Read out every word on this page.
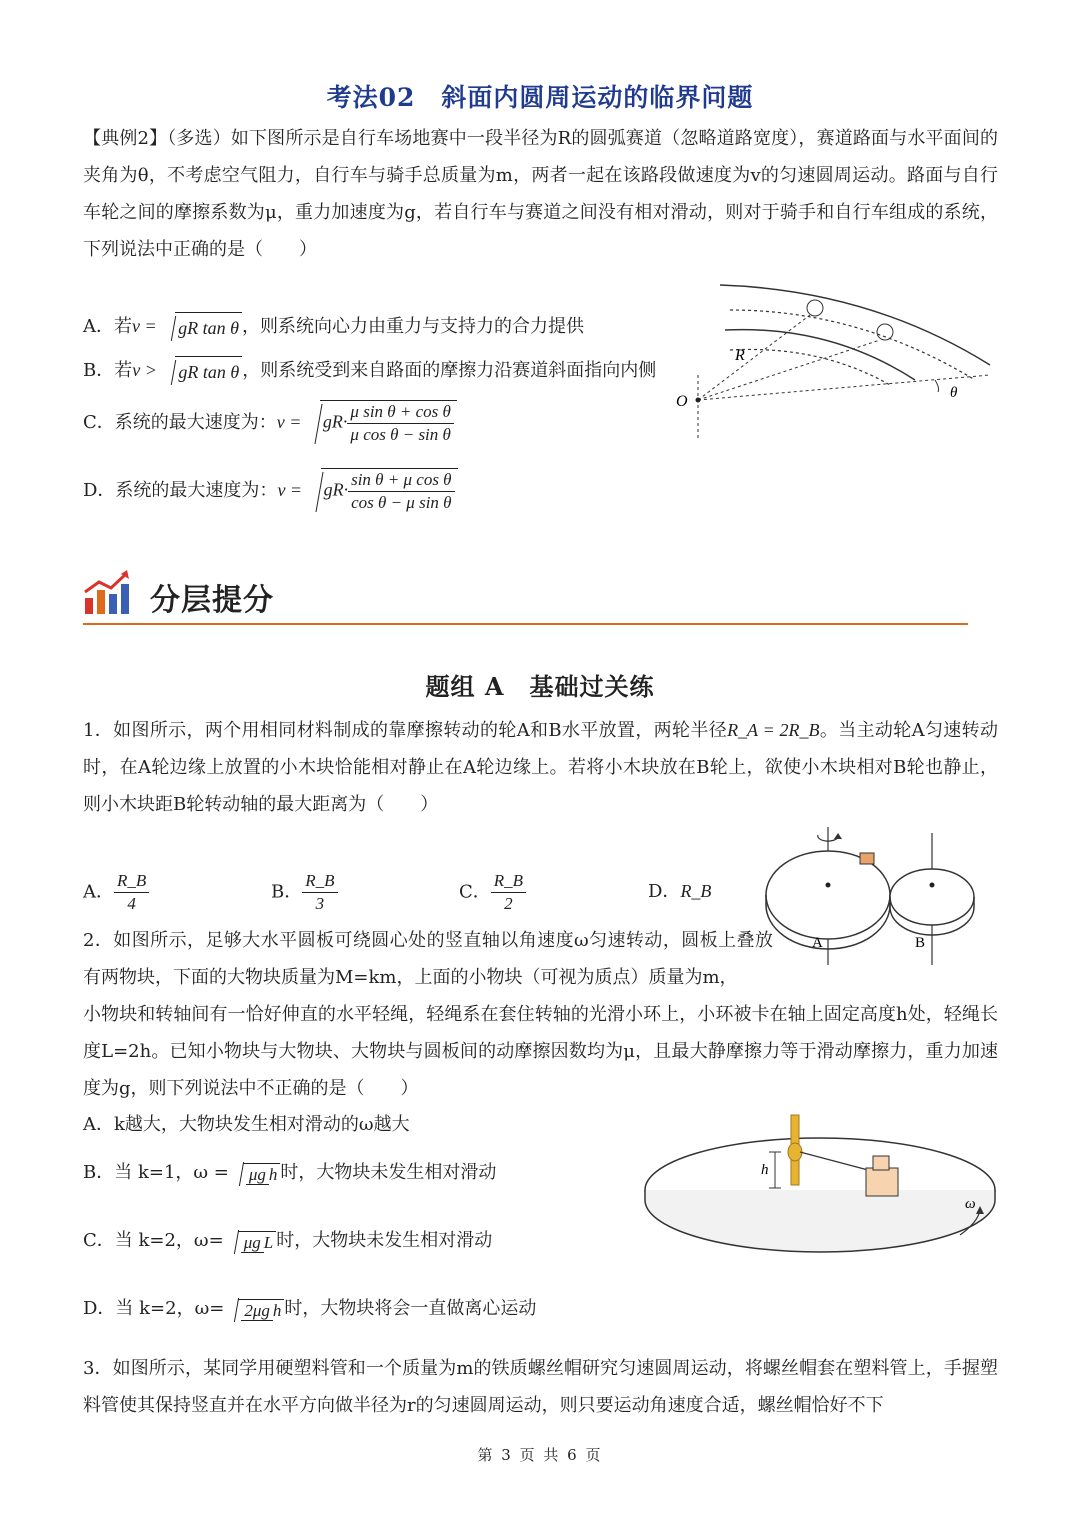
考法02　斜面内圆周运动的临界问题
【典例2】（多选）如下图所示是自行车场地赛中一段半径为R的圆弧赛道（忽略道路宽度），赛道路面与水平面间的夹角为θ，不考虑空气阻力，自行车与骑手总质量为m，两者一起在该路段做速度为v的匀速圆周运动。路面与自行车轮之间的摩擦系数为μ，重力加速度为g，若自行车与赛道之间没有相对滑动，则对于骑手和自行车组成的系统，下列说法中正确的是（　　）
A．若v = gR tan θ ，则系统向心力由重力与支持力的合力提供
B．若v > gR tan θ ，则系统受到来自路面的摩擦力沿赛道斜面指向内侧
C．系统的最大速度为：$v = gR\cdot \frac{\text{μ sin θ + cos θ}}{\text{μ cos θ − sin θ}}$
D．系统的最大速度为：$v = gR\cdot \frac{\text{sin θ + μ cos θ}}{\text{cos θ − μ sin θ}}$
R
O	θ
分层提分
题组 A　基础过关练
1．如图所示，两个用相同材料制成的靠摩擦转动的轮A和B水平放置，两轮半径R_A = 2R_B。当主动轮A匀速转动时，在A轮边缘上放置的小木块恰能相对静止在A轮边缘上。若将小木块放在B轮上，欲使小木块相对B轮也静止，则小木块距B轮转动轴的最大距离为（　　）
A． $\frac{R\_B}{4}$	B． $\frac{R\_B}{3}$	C． $\frac{R\_B}{2}$	D．R_B
A	B
2．如图所示，足够大水平圆板可绕圆心处的竖直轴以角速度ω匀速转动，圆板上叠放有两物块，下面的大物块质量为M=km，上面的小物块（可视为质点）质量为m，
小物块和转轴间有一恰好伸直的水平轻绳，轻绳系在套住转轴的光滑小环上，小环被卡在轴上固定高度h处，轻绳长度L=2h。已知小物块与大物块、大物块与圆板间的动摩擦因数均为μ，且最大静摩擦力等于滑动摩擦力，重力加速度为g，则下列说法中不正确的是（　　）
A．k越大，大物块发生相对滑动的ω越大
B．当 k=1，ω = μg h 时，大物块未发生相对滑动
C．当 k=2，ω= μg L 时，大物块未发生相对滑动
D．当 k=2，ω= 2μg h 时，大物块将会一直做离心运动
h
ω
3．如图所示，某同学用硬塑料管和一个质量为m的铁质螺丝帽研究匀速圆周运动，将螺丝帽套在塑料管上，手握塑料管使其保持竖直并在水平方向做半径为r的匀速圆周运动，则只要运动角速度合适，螺丝帽恰好不下
第 3 页 共 6 页
